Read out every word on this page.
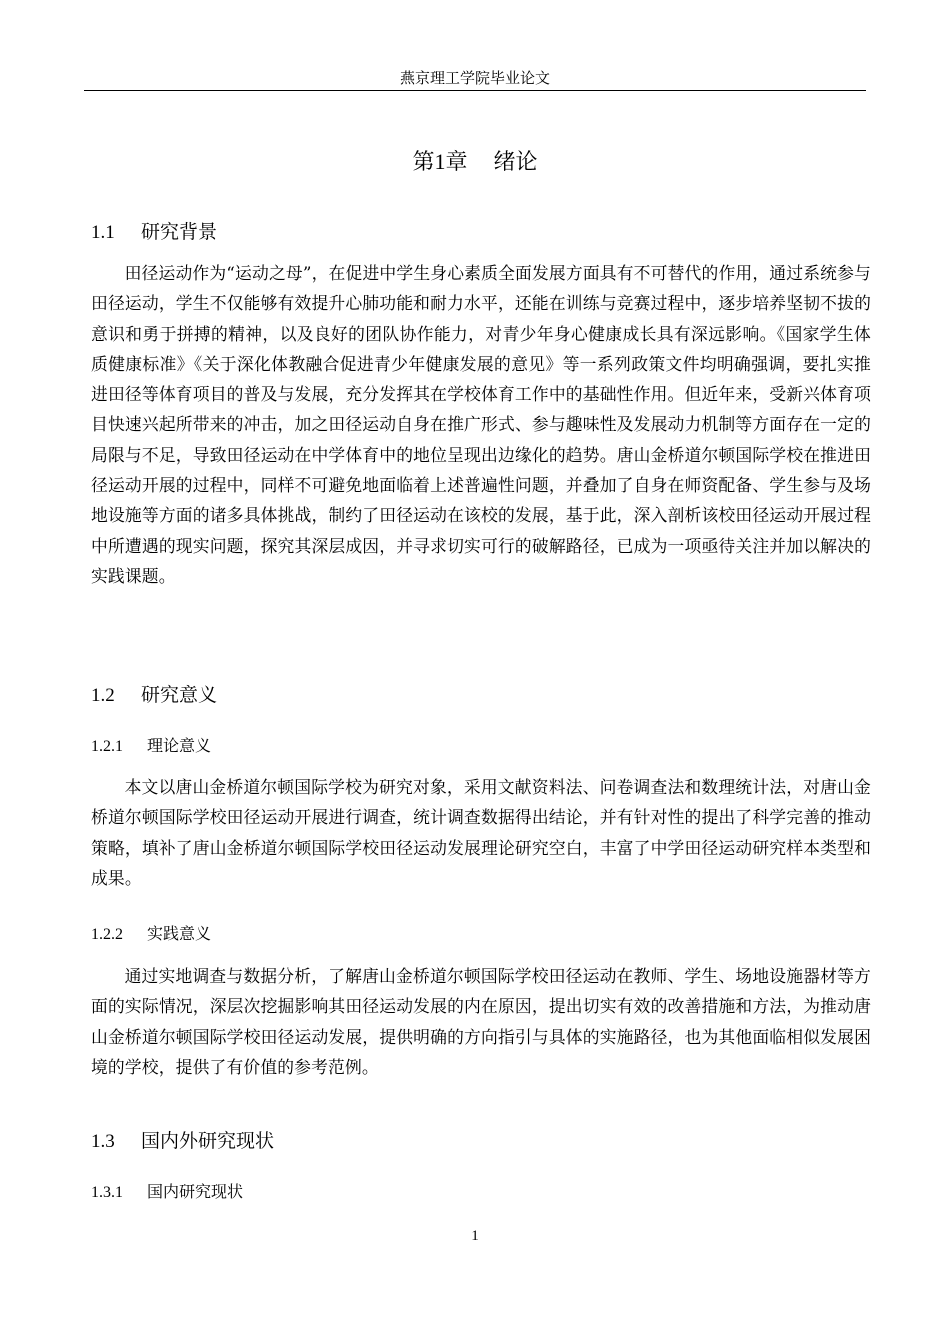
燕京理工学院毕业论文
第1章 绪论
1.1 研究背景

田径运动作为“运动之母”，在促进中学生身心素质全面发展方面具有不可替代的作用，通过系统参与田径运动，学生不仅能够有效提升心肺功能和耐力水平，还能在训练与竞赛过程中，逐步培养坚韧不拔的意识和勇于拼搏的精神，以及良好的团队协作能力，对青少年身心健康成长具有深远影响。《国家学生体质健康标准》《关于深化体教融合促进青少年健康发展的意见》等一系列政策文件均明确强调，要扎实推进田径等体育项目的普及与发展，充分发挥其在学校体育工作中的基础性作用。但近年来，受新兴体育项目快速兴起所带来的冲击，加之田径运动自身在推广形式、参与趣味性及发展动力机制等方面存在一定的局限与不足，导致田径运动在中学体育中的地位呈现出边缘化的趋势。唐山金桥道尔顿国际学校在推进田径运动开展的过程中，同样不可避免地面临着上述普遍性问题，并叠加了自身在师资配备、学生参与及场地设施等方面的诸多具体挑战，制约了田径运动在该校的发展，基于此，深入剖析该校田径运动开展过程中所遭遇的现实问题，探究其深层成因，并寻求切实可行的破解路径，已成为一项亟待关注并加以解决的实践课题。

1.2 研究意义
1.2.1 理论意义

本文以唐山金桥道尔顿国际学校为研究对象，采用文献资料法、问卷调查法和数理统计法，对唐山金桥道尔顿国际学校田径运动开展进行调查，统计调查数据得出结论，并有针对性的提出了科学完善的推动策略，填补了唐山金桥道尔顿国际学校田径运动发展理论研究空白，丰富了中学田径运动研究样本类型和成果。

1.2.2 实践意义

通过实地调查与数据分析，了解唐山金桥道尔顿国际学校田径运动在教师、学生、场地设施器材等方面的实际情况，深层次挖掘影响其田径运动发展的内在原因，提出切实有效的改善措施和方法，为推动唐山金桥道尔顿国际学校田径运动发展，提供明确的方向指引与具体的实施路径，也为其他面临相似发展困境的学校，提供了有价值的参考范例。

1.3 国内外研究现状
1.3.1 国内研究现状
1
